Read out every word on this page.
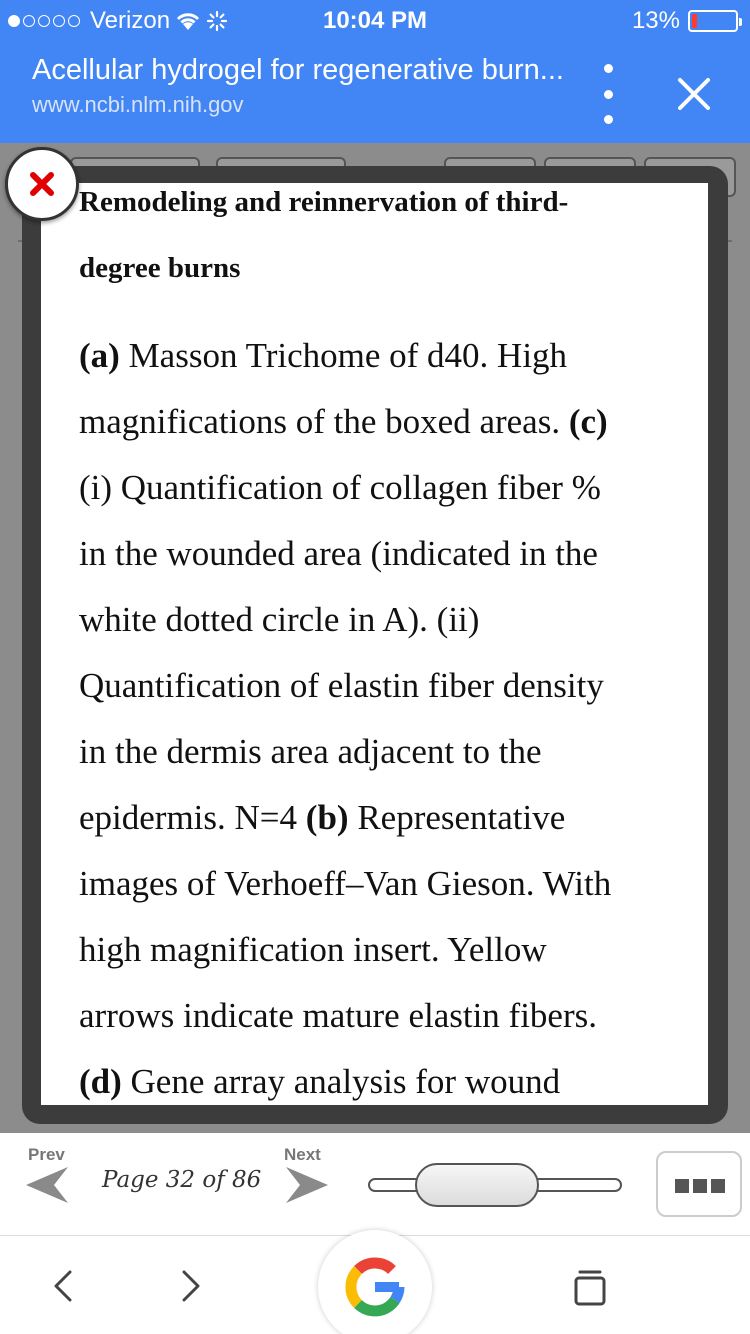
Verizon	10:04 PM	13%
Acellular hydrogel for regenerative burn...
www.ncbi.nlm.nih.gov
Remodeling and reinnervation of third-
degree burns
(a) Masson Trichome of d40. High
magnifications of the boxed areas. (c)
(i) Quantification of collagen fiber %
in the wounded area (indicated in the
white dotted circle in A). (ii)
Quantification of elastin fiber density
in the dermis area adjacent to the
epidermis. N=4 (b) Representative
images of Verhoeff–Van Gieson. With
high magnification insert. Yellow
arrows indicate mature elastin fibers.
(d) Gene array analysis for wound
Prev
Page 32 of 86
Next
